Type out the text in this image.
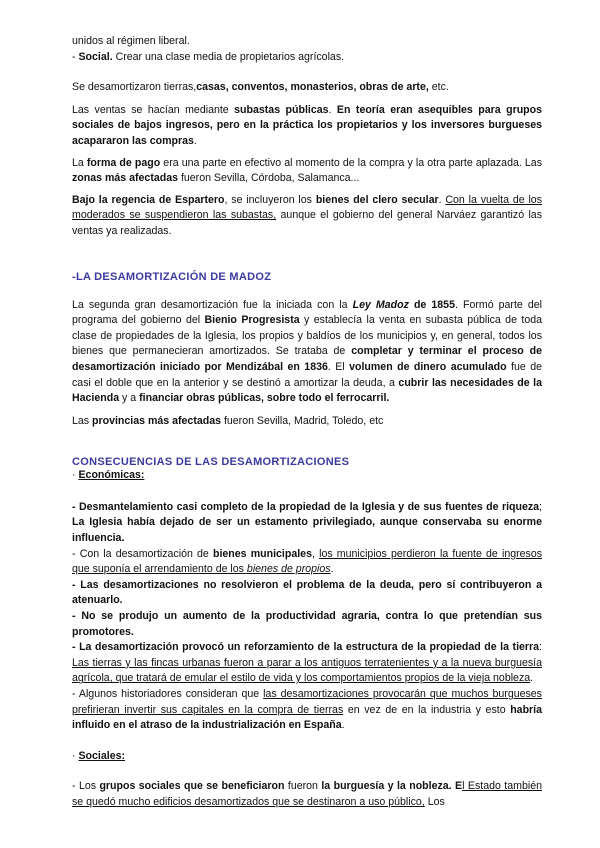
unidos al régimen liberal.

- Social. Crear una clase media de propietarios agrícolas.

Se desamortizaron tierras,casas, conventos, monasterios, obras de arte, etc.

Las ventas se hacían mediante subastas públicas. En teoría eran asequibles para grupos sociales de bajos ingresos, pero en la práctica los propietarios y los inversores burgueses acapararon las compras.

La forma de pago era una parte en efectivo al momento de la compra y la otra parte aplazada. Las zonas más afectadas fueron Sevilla, Córdoba, Salamanca...

Bajo la regencia de Espartero, se incluyeron los bienes del clero secular. Con la vuelta de los moderados se suspendieron las subastas, aunque el gobierno del general Narváez garantizó las ventas ya realizadas.

-LA DESAMORTIZACIÓN DE MADOZ

La segunda gran desamortización fue la iniciada con la Ley Madoz de 1855. Formó parte del programa del gobierno del Bienio Progresista y establecía la venta en subasta pública de toda clase de propiedades de la Iglesia, los propios y baldíos de los municipios y, en general, todos los bienes que permanecieran amortizados. Se trataba de completar y terminar el proceso de desamortización iniciado por Mendizábal en 1836. El volumen de dinero acumulado fue de casi el doble que en la anterior y se destinó a amortizar la deuda, a cubrir las necesidades de la Hacienda y a financiar obras públicas, sobre todo el ferrocarril.

Las provincias más afectadas fueron Sevilla, Madrid, Toledo, etc

CONSECUENCIAS DE LAS DESAMORTIZACIONES

· Económicas:

- Desmantelamiento casi completo de la propiedad de la Iglesia y de sus fuentes de riqueza; La Iglesia había dejado de ser un estamento privilegiado, aunque conservaba su enorme influencia.

- Con la desamortización de bienes municipales, los municipios perdieron la fuente de ingresos que suponía el arrendamiento de los bienes de propios.

- Las desamortizaciones no resolvieron el problema de la deuda, pero sí contribuyeron a atenuarlo.

- No se produjo un aumento de la productividad agraria, contra lo que pretendían sus promotores.

- La desamortización provocó un reforzamiento de la estructura de la propiedad de la tierra: Las tierras y las fincas urbanas fueron a parar a los antiguos terratenientes y a la nueva burguesía agrícola, que tratará de emular el estilo de vida y los comportamientos propios de la vieja nobleza.

- Algunos historiadores consideran que las desamortizaciones provocarán que muchos burgueses prefirieran invertir sus capitales en la compra de tierras en vez de en la industria y esto habría influido en el atraso de la industrialización en España.

· Sociales:

- Los grupos sociales que se beneficiaron fueron la burguesía y la nobleza. El Estado también se quedó mucho edificios desamortizados que se destinaron a uso público, Los
